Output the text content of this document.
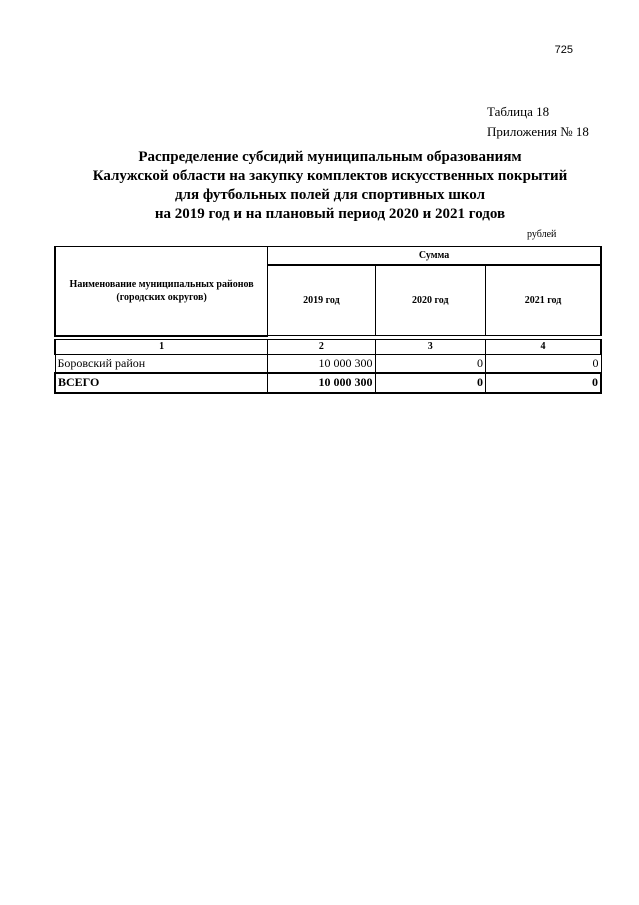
725
Таблица 18
Приложения № 18
Распределение субсидий муниципальным образованиям
Калужской области на закупку комплектов искусственных покрытий
для футбольных полей для спортивных школ
на 2019 год и на плановый период 2020 и 2021 годов
рублей
Наименование муниципальных районов (городских округов)	Сумма		
	2019 год	2020 год	2021 год

1	2	3	4
Боровский район	10 000 300	0	0
ВСЕГО	10 000 300	0	0
